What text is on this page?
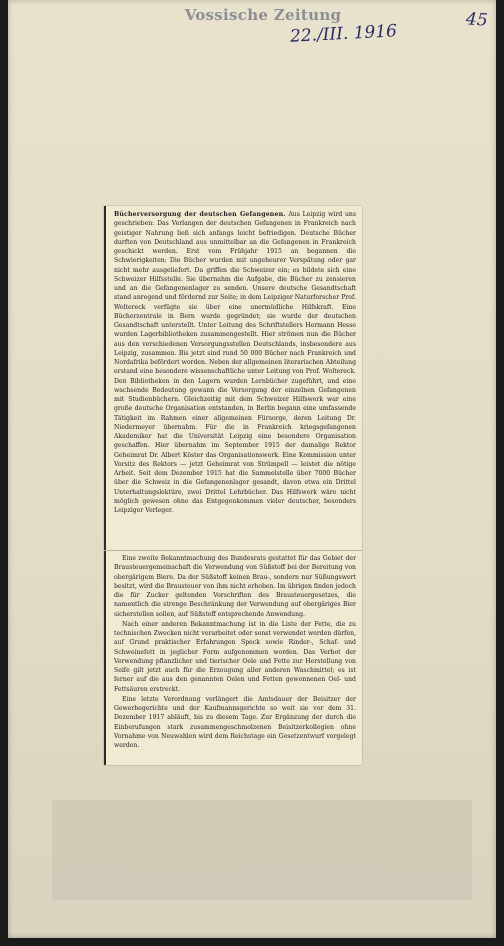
Vossische Zeitung
22./III. 1916
45

Bücherversorgung der deutschen Gefangenen. Aus Leipzig wird uns geschrieben: Das Verlangen der deutschen Gefangenen in Frankreich nach geistiger Nahrung ließ sich anfangs leicht befriedigen. Deutsche Bücher durften von Deutschland aus unmittelbar an die Gefangenen in Frankreich geschickt werden. Erst vom Frühjahr 1915 an begannen die Schwierigkeiten: Die Bücher wurden mit ungeheurer Verspätung oder gar nicht mehr ausgeliefert. Da griffen die Schweizer ein; es bildete sich eine Schweizer Hilfsstelle. Sie übernahm die Aufgabe, die Bücher zu zensieren und an die Gefangenenlager zu senden. Unsere deutsche Gesandtschaft stand anregend und fördernd zur Seite; in dem Leipziger Naturforscher Prof. Woltereck verfügte sie über eine unermüdliche Hilfskraft. Eine Bücherzentrale in Bern wurde gegründet; sie wurde der deutschen Gesandtschaft unterstellt. Unter Leitung des Schriftstellers Hermann Hesse wurden Lagerbibliotheken zusammengestellt. Hier strömen nun die Bücher aus den verschiedenen Versorgungsstellen Deutschlands, insbesondere aus Leipzig, zusammen. Bis jetzt sind rund 50 000 Bücher nach Frankreich und Nordafrika befördert worden. Neben der allgemeinen literarischen Abteilung erstand eine besondere wissenschaftliche unter Leitung von Prof. Woltereck. Den Bibliotheken in den Lagern wurden Lernbücher zugeführt, und eine wachsende Bedeutung gewann die Versorgung der einzelnen Gefangenen mit Studienbüchern. Gleichzeitig mit dem Schweizer Hilfswerk war eine große deutsche Organisation entstanden, in Berlin begann eine umfassende Tätigkeit im Rahmen einer allgemeinen Fürsorge, deren Leitung Dr. Niedermeyer übernahm. Für die in Frankreich kriegsgefangenen Akademiker hat die Universität Leipzig eine besondere Organisation geschaffen. Hier übernahm im September 1915 der damalige Rektor Geheimrat Dr. Albert Köster das Organisationswerk. Eine Kommission unter Vorsitz des Rektors — jetzt Geheimrat von Strümpell — leistet die nötige Arbeit. Seit dem Dezember 1915 hat die Sammelstelle über 7000 Bücher über die Schweiz in die Gefangenenlager gesandt, davon etwa ein Drittel Unterhaltungslektüre, zwei Drittel Lehrbücher. Das Hilfswerk wäre nicht möglich gewesen ohne das Entgegenkommen vieler deutscher, besonders Leipziger Verleger.

Eine zweite Bekanntmachung des Bundesrats gestattet für das Gebiet der Brausteuergemeinschaft die Verwendung von Süßstoff bei der Bereitung von obergärigem Biere. Da der Süßstoff keinen Brau-, sondern nur Süßungswert besitzt, wird die Brausteuer von ihm nicht erhoben. Im übrigen finden jedoch die für Zucker geltenden Vorschriften des Brausteuergesetzes, die namentlich die strenge Beschränkung der Verwendung auf obergäriges Bier sicherstellen sollen, auf Süßstoff entsprechende Anwendung.

Nach einer anderen Bekanntmachung ist in die Liste der Fette, die zu technischen Zwecken nicht verarbeitet oder sonst verwendet werden dürfen, auf Grund praktischer Erfahrungen Speck sowie Rinder-, Schaf- und Schweinefett in jeglicher Form aufgenommen worden. Das Verbot der Verwendung pflanzlicher und tierischer Oele und Fette zur Herstellung von Seife gilt jetzt auch für die Erzeugung aller anderen Waschmittel; es ist ferner auf die aus den genannten Oelen und Fetten gewonnenen Oel- und Fettsäuren erstreckt.

Eine letzte Verordnung verlängert die Amtsdauer der Beisitzer der Gewerbegerichte und der Kaufmannsgerichte so weit sie vor dem 31. Dezember 1917 abläuft, bis zu diesem Tage. Zur Ergänzung der durch die Einberufungen stark zusammengeschmolzenen Beisitzerkollegien ohne Vornahme von Neuwahlen wird dem Reichstage ein Gesetzentwurf vorgelegt werden.
